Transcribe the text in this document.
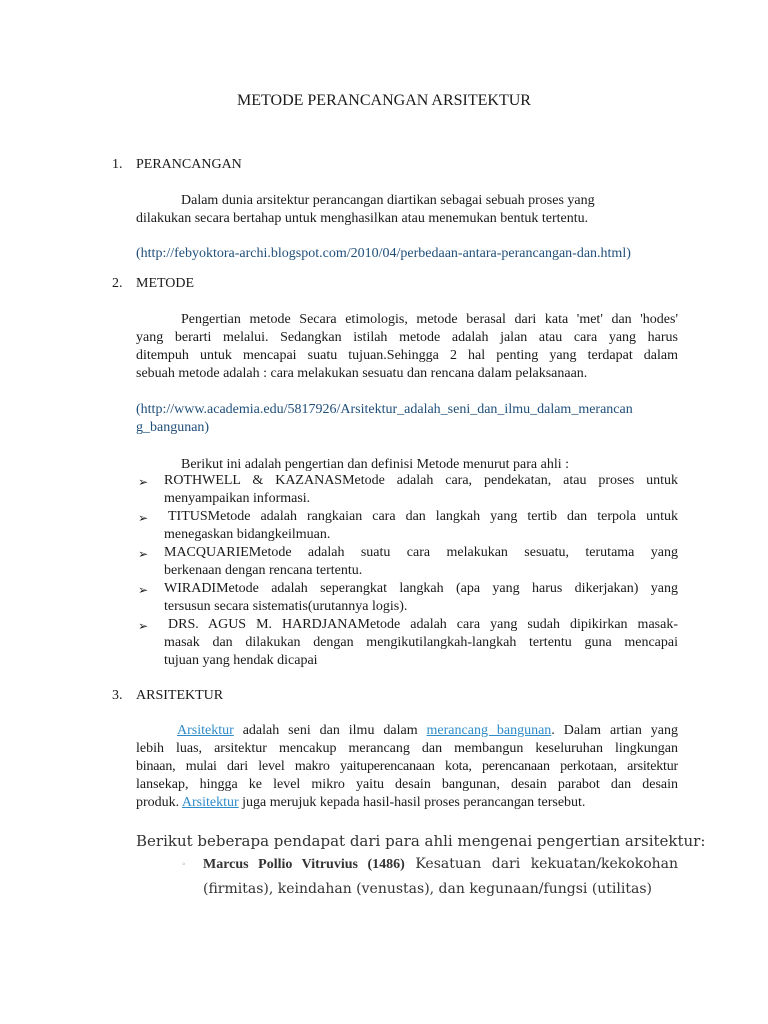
METODE PERANCANGAN ARSITEKTUR
1. PERANCANGAN
Dalam dunia arsitektur perancangan diartikan sebagai sebuah proses yang
dilakukan secara bertahap untuk menghasilkan atau menemukan bentuk tertentu.
(http://febyoktora-archi.blogspot.com/2010/04/perbedaan-antara-perancangan-dan.html)
2. METODE
Pengertian metode Secara etimologis, metode berasal dari kata 'met' dan 'hodes'
yang berarti melalui. Sedangkan istilah metode adalah jalan atau cara yang harus
ditempuh untuk mencapai suatu tujuan.Sehingga 2 hal penting yang terdapat dalam
sebuah metode adalah : cara melakukan sesuatu dan rencana dalam pelaksanaan.
(http://www.academia.edu/5817926/Arsitektur_adalah_seni_dan_ilmu_dalam_merancan
g_bangunan)
Berikut ini adalah pengertian dan definisi Metode menurut para ahli :
➢ ROTHWELL & KAZANASMetode adalah cara, pendekatan, atau proses untuk
menyampaikan informasi.
➢ TITUSMetode adalah rangkaian cara dan langkah yang tertib dan terpola untuk
menegaskan bidangkeilmuan.
➢ MACQUARIEMetode adalah suatu cara melakukan sesuatu, terutama yang
berkenaan dengan rencana tertentu.
➢ WIRADIMetode adalah seperangkat langkah (apa yang harus dikerjakan) yang
tersusun secara sistematis(urutannya logis).
➢ DRS. AGUS M. HARDJANAMetode adalah cara yang sudah dipikirkan masak-
masak dan dilakukan dengan mengikutilangkah-langkah tertentu guna mencapai
tujuan yang hendak dicapai
3. ARSITEKTUR
Arsitektur adalah seni dan ilmu dalam merancang bangunan. Dalam artian yang
lebih luas, arsitektur mencakup merancang dan membangun keseluruhan lingkungan
binaan, mulai dari level makro yaituperencanaan kota, perencanaan perkotaan, arsitektur
lansekap, hingga ke level mikro yaitu desain bangunan, desain parabot dan desain
produk. Arsitektur juga merujuk kepada hasil-hasil proses perancangan tersebut.
Berikut beberapa pendapat dari para ahli mengenai pengertian arsitektur:
◦ Marcus Pollio Vitruvius (1486) Kesatuan dari kekuatan/kekokohan
(firmitas), keindahan (venustas), dan kegunaan/fungsi (utilitas)
